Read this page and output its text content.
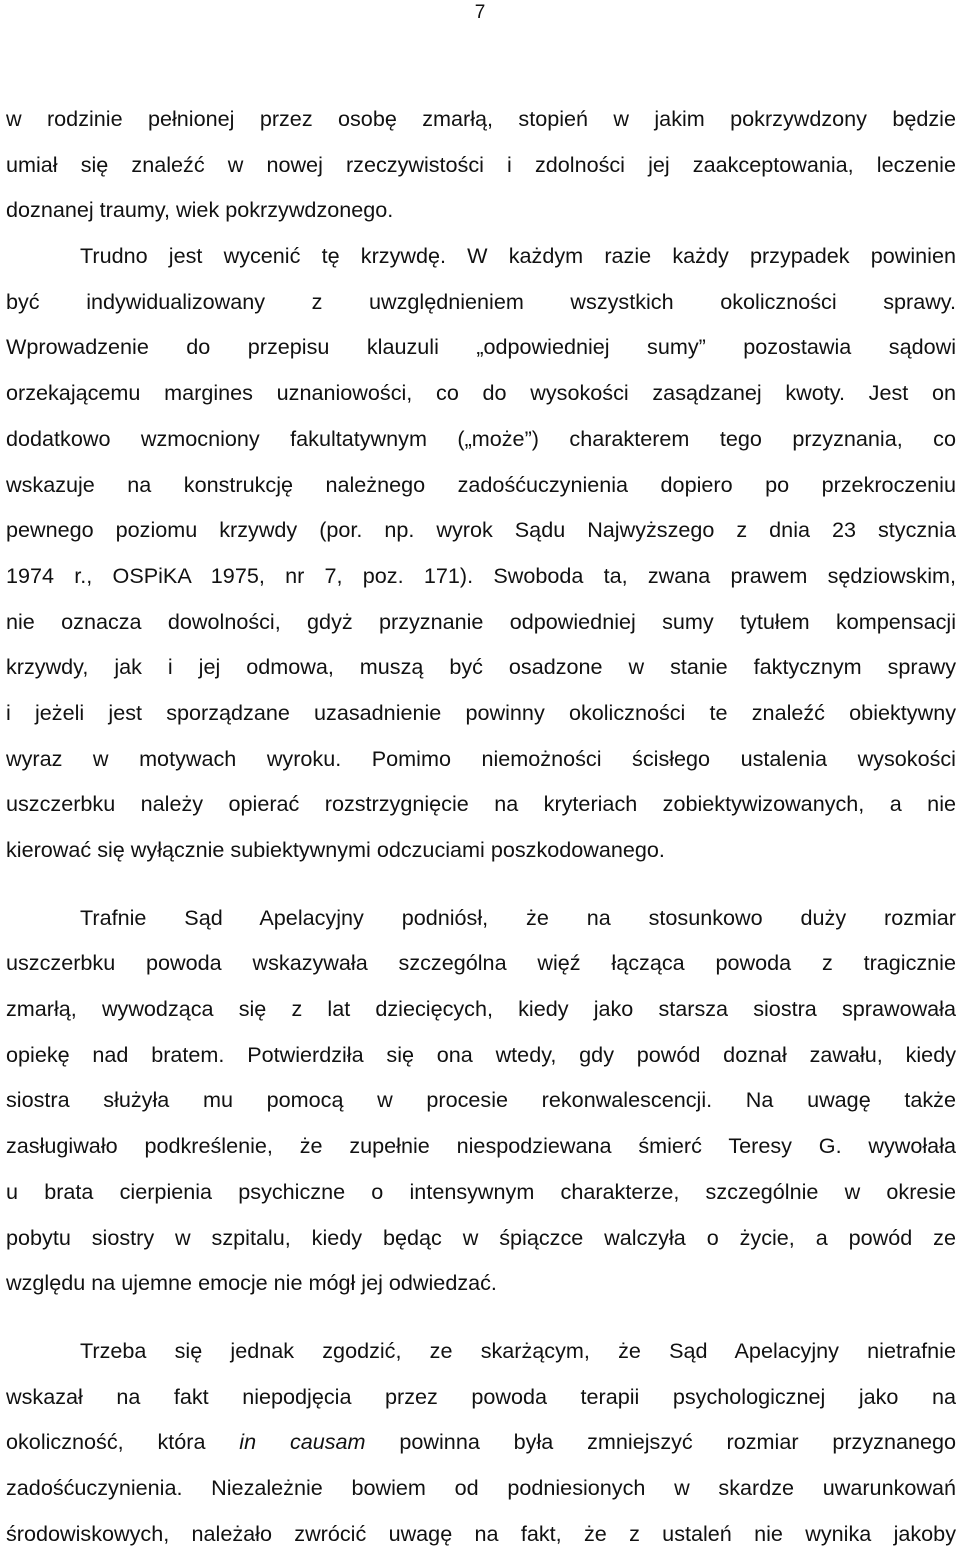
7
w rodzinie pełnionej przez osobę zmarłą, stopień w jakim pokrzywdzony będzie
umiał się znaleźć w nowej rzeczywistości i zdolności jej zaakceptowania, leczenie
doznanej traumy, wiek pokrzywdzonego.
Trudno jest wycenić tę krzywdę. W każdym razie każdy przypadek powinien
być indywidualizowany z uwzględnieniem wszystkich okoliczności sprawy.
Wprowadzenie do przepisu klauzuli „odpowiedniej sumy” pozostawia sądowi
orzekającemu margines uznaniowości, co do wysokości zasądzanej kwoty. Jest on
dodatkowo wzmocniony fakultatywnym („może”) charakterem tego przyznania, co
wskazuje na konstrukcję należnego zadośćuczynienia dopiero po przekroczeniu
pewnego poziomu krzywdy (por. np. wyrok Sądu Najwyższego z dnia 23 stycznia
1974 r., OSPiKA 1975, nr 7, poz. 171). Swoboda ta, zwana prawem sędziowskim,
nie oznacza dowolności, gdyż przyznanie odpowiedniej sumy tytułem kompensacji
krzywdy, jak i jej odmowa, muszą być osadzone w stanie faktycznym sprawy
i jeżeli jest sporządzane uzasadnienie powinny okoliczności te znaleźć obiektywny
wyraz w motywach wyroku. Pomimo niemożności ścisłego ustalenia wysokości
uszczerbku należy opierać rozstrzygnięcie na kryteriach zobiektywizowanych, a nie
kierować się wyłącznie subiektywnymi odczuciami poszkodowanego.
Trafnie Sąd Apelacyjny podniósł, że na stosunkowo duży rozmiar
uszczerbku powoda wskazywała szczególna więź łącząca powoda z tragicznie
zmarłą, wywodząca się z lat dziecięcych, kiedy jako starsza siostra sprawowała
opiekę nad bratem. Potwierdziła się ona wtedy, gdy powód doznał zawału, kiedy
siostra służyła mu pomocą w procesie rekonwalescencji. Na uwagę także
zasługiwało podkreślenie, że zupełnie niespodziewana śmierć Teresy G. wywołała
u brata cierpienia psychiczne o intensywnym charakterze, szczególnie w okresie
pobytu siostry w szpitalu, kiedy będąc w śpiączce walczyła o życie, a powód ze
względu na ujemne emocje nie mógł jej odwiedzać.
Trzeba się jednak zgodzić, ze skarżącym, że Sąd Apelacyjny nietrafnie
wskazał na fakt niepodjęcia przez powoda terapii psychologicznej jako na
okoliczność, która in causam powinna była zmniejszyć rozmiar przyznanego
zadośćuczynienia. Niezależnie bowiem od podniesionych w skardze uwarunkowań
środowiskowych, należało zwrócić uwagę na fakt, że z ustaleń nie wynika jakoby
